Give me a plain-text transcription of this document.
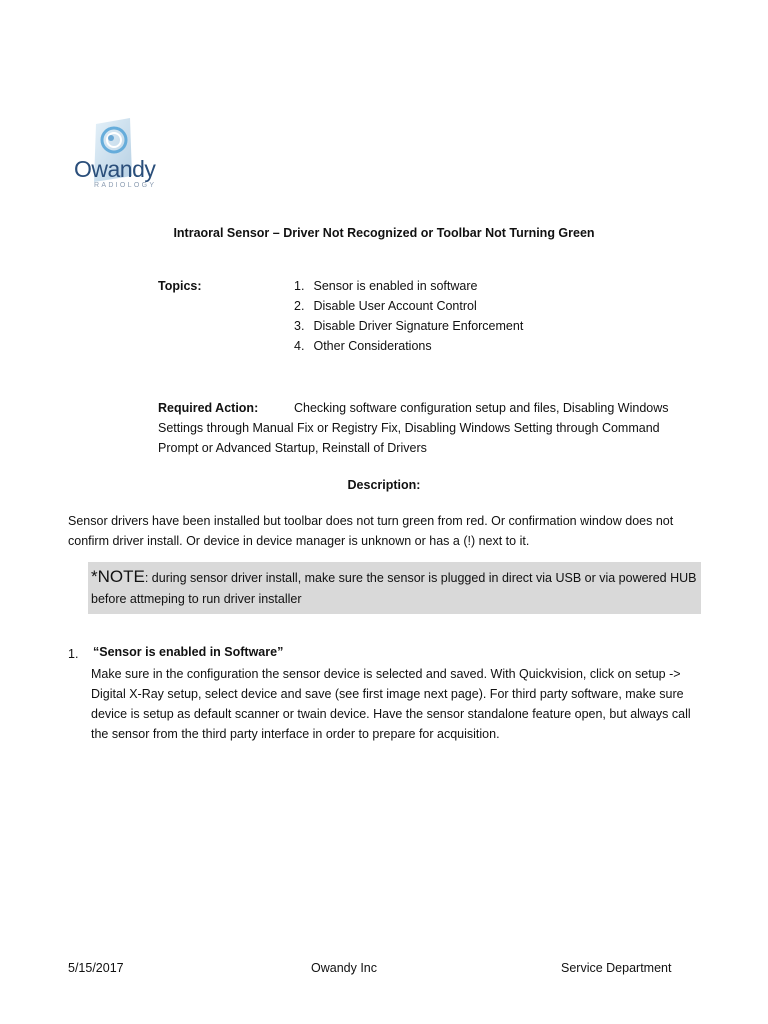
Owandy
RADIOLOGY
Intraoral Sensor – Driver Not Recognized or Toolbar Not Turning Green
Topics:	1. Sensor is enabled in software
2. Disable User Account Control
3. Disable Driver Signature Enforcement
4. Other Considerations
Required Action:	Checking software configuration setup and files, Disabling Windows Settings through Manual Fix or Registry Fix, Disabling Windows Setting through Command Prompt or Advanced Startup, Reinstall of Drivers
Description:
Sensor drivers have been installed but toolbar does not turn green from red. Or confirmation window does not confirm driver install. Or device in device manager is unknown or has a (!) next to it.
*NOTE: during sensor driver install, make sure the sensor is plugged in direct via USB or via powered HUB before attmeping to run driver installer
1. “Sensor is enabled in Software”
Make sure in the configuration the sensor device is selected and saved. With Quickvision, click on setup -> Digital X-Ray setup, select device and save (see first image next page). For third party software, make sure device is setup as default scanner or twain device. Have the sensor standalone feature open, but always call the sensor from the third party interface in order to prepare for acquisition.
5/15/2017	Owandy Inc	Service Department
